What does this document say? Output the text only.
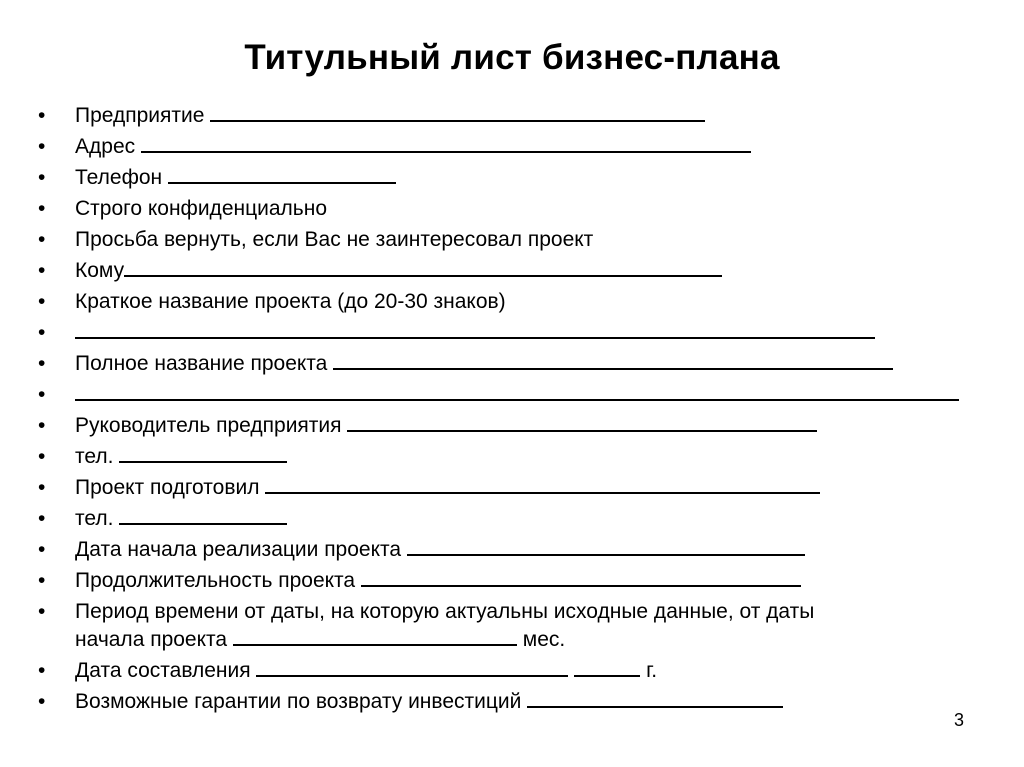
Титульный лист бизнес-плана
• Предприятие
• Адрес
• Телефон
• Строго конфиденциально
• Просьба вернуть, если Вас не заинтересовал проект
• Кому
• Краткое название проекта (до 20-30 знаков)
•
• Полное название проекта
•
• Руководитель предприятия
• тел.
• Проект подготовил
• тел.
• Дата начала реализации проекта
• Продолжительность проекта
• Период времени от даты, на которую актуальны исходные данные, от даты
начала проекта	мес.
• Дата составления	г.
• Возможные гарантии по возврату инвестиций
3
